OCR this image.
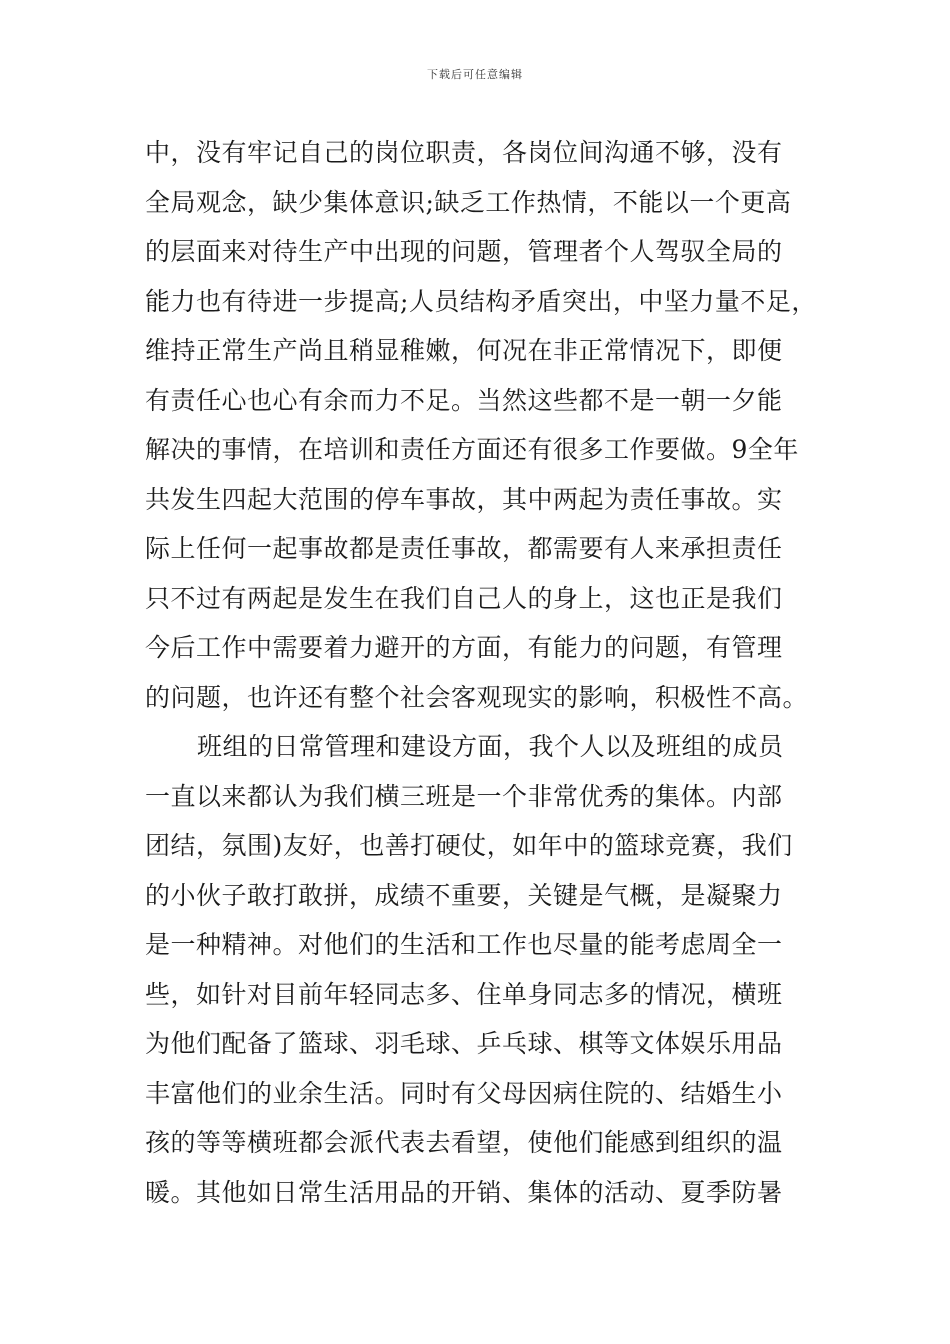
下载后可任意编辑
中，没有牢记自己的岗位职责，各岗位间沟通不够，没有
全局观念，缺少集体意识;缺乏工作热情，不能以一个更高
的层面来对待生产中出现的问题，管理者个人驾驭全局的
能力也有待进一步提高;人员结构矛盾突出，中坚力量不足，
维持正常生产尚且稍显稚嫩，何况在非正常情况下，即便
有责任心也心有余而力不足。当然这些都不是一朝一夕能
解决的事情，在培训和责任方面还有很多工作要做。9全年
共发生四起大范围的停车事故，其中两起为责任事故。实
际上任何一起事故都是责任事故，都需要有人来承担责任
只不过有两起是发生在我们自己人的身上，这也正是我们
今后工作中需要着力避开的方面，有能力的问题，有管理
的问题，也许还有整个社会客观现实的影响，积极性不高。
班组的日常管理和建设方面，我个人以及班组的成员
一直以来都认为我们横三班是一个非常优秀的集体。内部
团结，氛围)友好，也善打硬仗，如年中的篮球竞赛，我们
的小伙子敢打敢拼，成绩不重要，关键是气概，是凝聚力
是一种精神。对他们的生活和工作也尽量的能考虑周全一
些，如针对目前年轻同志多、住单身同志多的情况，横班
为他们配备了篮球、羽毛球、乒乓球、棋等文体娱乐用品
丰富他们的业余生活。同时有父母因病住院的、结婚生小
孩的等等横班都会派代表去看望，使他们能感到组织的温
暖。其他如日常生活用品的开销、集体的活动、夏季防暑
